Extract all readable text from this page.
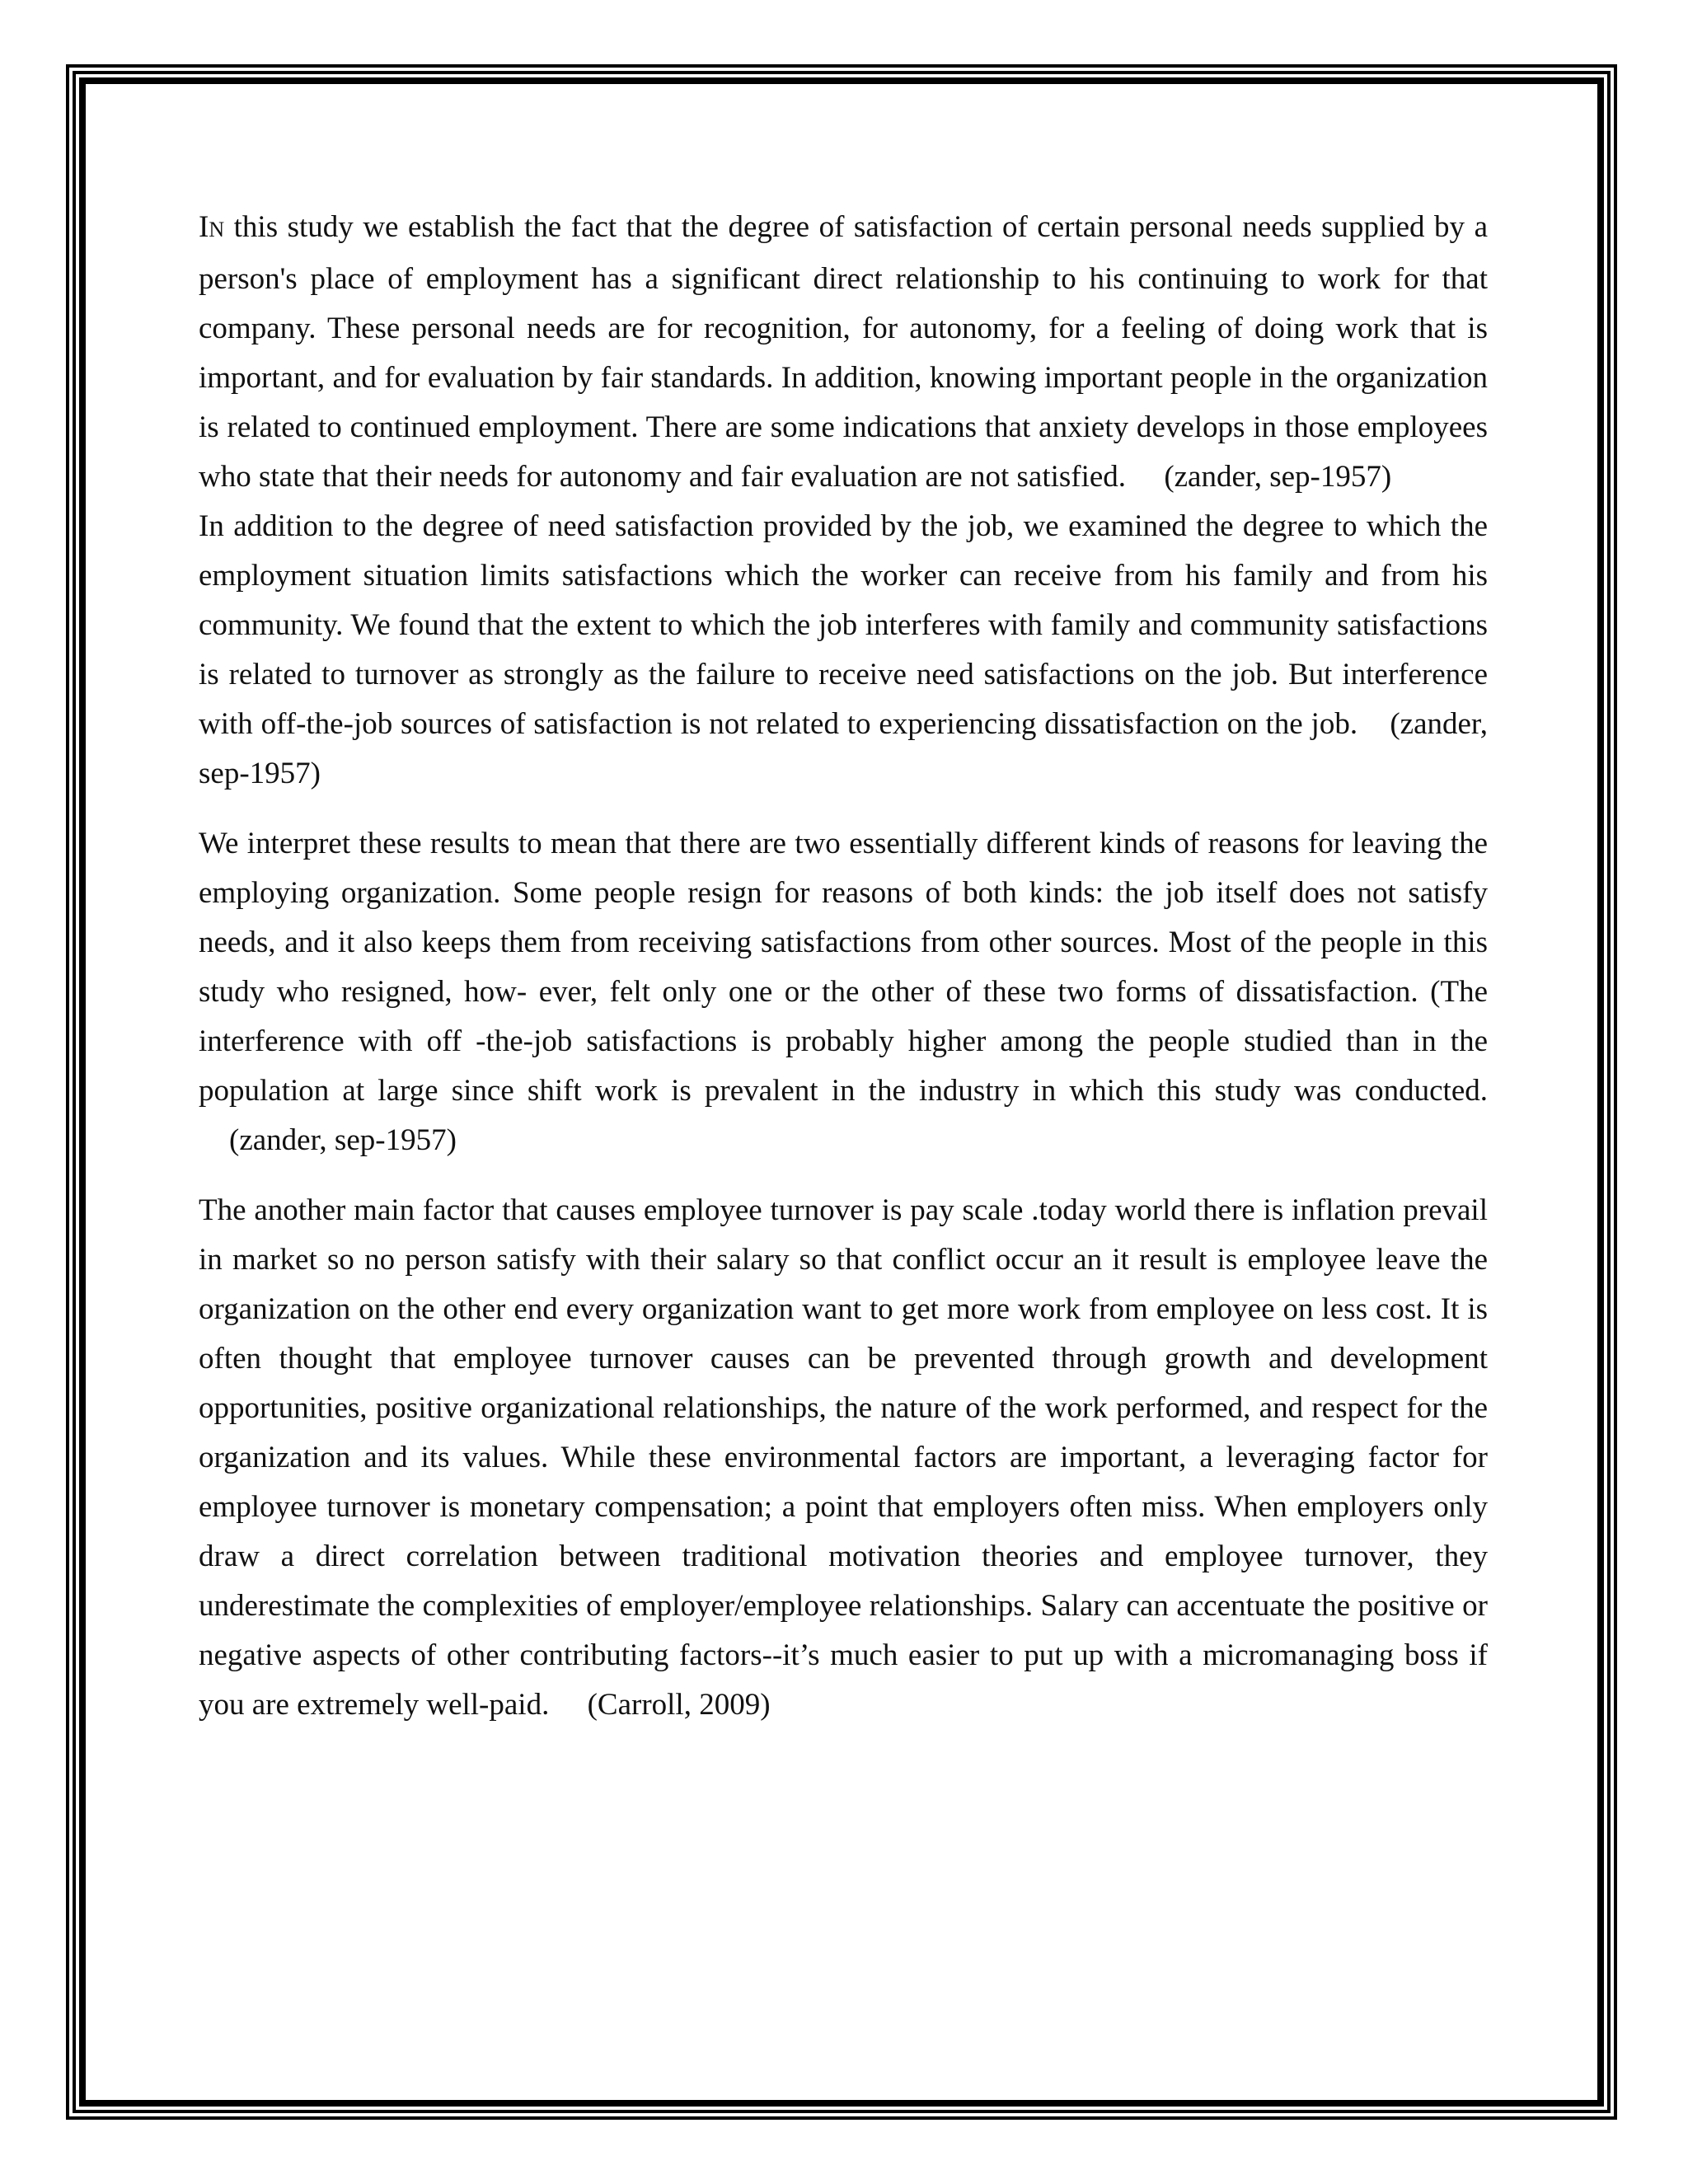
IN this study we establish the fact that the degree of satisfaction of certain personal needs supplied by a person's place of employment has a significant direct relationship to his continuing to work for that company. These personal needs are for recognition, for autonomy, for a feeling of doing work that is important, and for evaluation by fair standards. In addition, knowing important people in the organization is related to continued employment. There are some indications that anxiety develops in those employees who state that their needs for autonomy and fair evaluation are not satisfied. (zander, sep-1957)

In addition to the degree of need satisfaction provided by the job, we examined the degree to which the employment situation limits satisfactions which the worker can receive from his family and from his community. We found that the extent to which the job interferes with family and community satisfactions is related to turnover as strongly as the failure to receive need satisfactions on the job. But interference with off-the-job sources of satisfaction is not related to experiencing dissatisfaction on the job. (zander, sep-1957)

We interpret these results to mean that there are two essentially different kinds of reasons for leaving the employing organization. Some people resign for reasons of both kinds: the job itself does not satisfy needs, and it also keeps them from receiving satisfactions from other sources. Most of the people in this study who resigned, how- ever, felt only one or the other of these two forms of dissatisfaction. (The interference with off -the-job satisfactions is probably higher among the people studied than in the population at large since shift work is prevalent in the industry in which this study was conducted.    (zander, sep-1957)

The another main factor that causes employee turnover is pay scale .today world there is inflation prevail in market so no person satisfy with their salary so that conflict occur an it result is employee leave the organization on the other end every organization want to get more work from employee on less cost. It is often thought that employee turnover causes can be prevented through growth and development opportunities, positive organizational relationships, the nature of the work performed, and respect for the organization and its values. While these environmental factors are important, a leveraging factor for employee turnover is monetary compensation; a point that employers often miss. When employers only draw a direct correlation between traditional motivation theories and employee turnover, they underestimate the complexities of employer/employee relationships. Salary can accentuate the positive or negative aspects of other contributing factors--it’s much easier to put up with a micromanaging boss if you are extremely well-paid. (Carroll, 2009)
